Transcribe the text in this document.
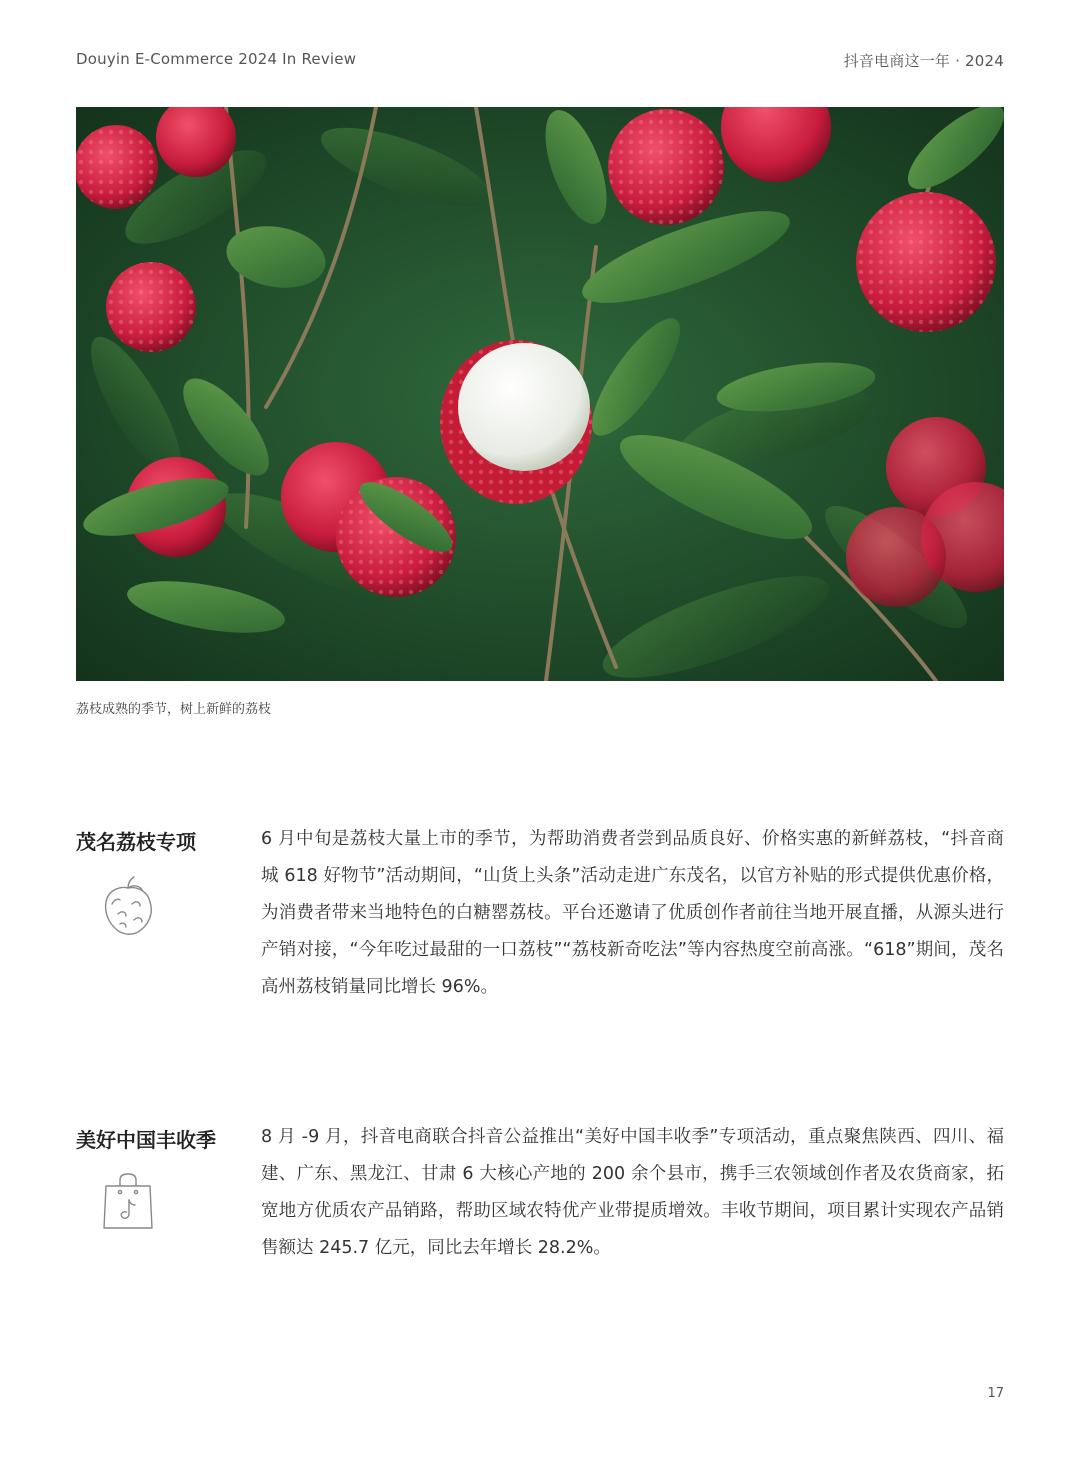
Douyin E-Commerce 2024 In Review	抖音电商这一年 · 2024
荔枝成熟的季节，树上新鲜的荔枝
茂名荔枝专项	6 月中旬是荔枝大量上市的季节，为帮助消费者尝到品质良好、价格实惠的新鲜荔枝，“抖音商城 618 好物节”活动期间，“山货上头条”活动走进广东茂名，以官方补贴的形式提供优惠价格，为消费者带来当地特色的白糖罂荔枝。平台还邀请了优质创作者前往当地开展直播，从源头进行产销对接，“今年吃过最甜的一口荔枝”“荔枝新奇吃法”等内容热度空前高涨。“618”期间，茂名高州荔枝销量同比增长 96%。
美好中国丰收季	8 月 -9 月，抖音电商联合抖音公益推出“美好中国丰收季”专项活动，重点聚焦陕西、四川、福建、广东、黑龙江、甘肃 6 大核心产地的 200 余个县市，携手三农领域创作者及农货商家，拓宽地方优质农产品销路，帮助区域农特优产业带提质增效。丰收节期间，项目累计实现农产品销售额达 245.7 亿元，同比去年增长 28.2%。
17
